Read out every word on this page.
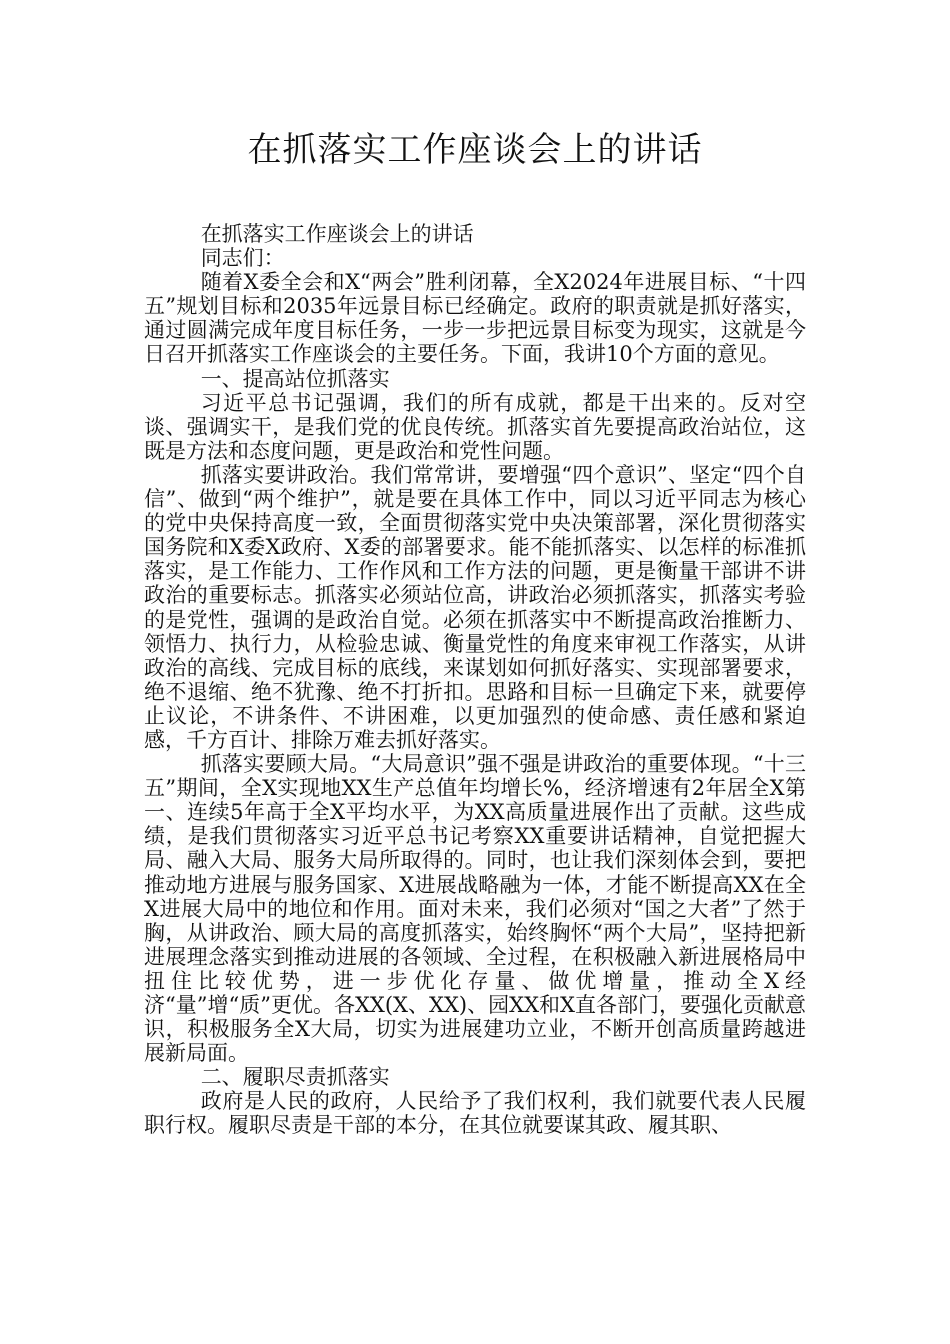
在抓落实工作座谈会上的讲话

在抓落实工作座谈会上的讲话

同志们：

随着X委全会和X“两会”胜利闭幕，全X2024年进展目标、“十四五”规划目标和2035年远景目标已经确定。政府的职责就是抓好落实，通过圆满完成年度目标任务，一步一步把远景目标变为现实，这就是今日召开抓落实工作座谈会的主要任务。下面，我讲10个方面的意见。

一、提高站位抓落实

习近平总书记强调，我们的所有成就，都是干出来的。反对空谈、强调实干，是我们党的优良传统。抓落实首先要提高政治站位，这既是方法和态度问题，更是政治和党性问题。

抓落实要讲政治。我们常常讲，要增强“四个意识”、坚定“四个自信”、做到“两个维护”，就是要在具体工作中，同以习近平同志为核心的党中央保持高度一致，全面贯彻落实党中央决策部署，深化贯彻落实国务院和X委X政府、X委的部署要求。能不能抓落实、以怎样的标准抓落实，是工作能力、工作作风和工作方法的问题，更是衡量干部讲不讲政治的重要标志。抓落实必须站位高，讲政治必须抓落实，抓落实考验的是党性，强调的是政治自觉。必须在抓落实中不断提高政治推断力、领悟力、执行力，从检验忠诚、衡量党性的角度来审视工作落实，从讲政治的高线、完成目标的底线，来谋划如何抓好落实、实现部署要求，绝不退缩、绝不犹豫、绝不打折扣。思路和目标一旦确定下来，就要停止议论，不讲条件、不讲困难，以更加强烈的使命感、责任感和紧迫感，千方百计、排除万难去抓好落实。

抓落实要顾大局。“大局意识”强不强是讲政治的重要体现。“十三五”期间，全X实现地XX生产总值年均增长%，经济增速有2年居全X第一、连续5年高于全X平均水平，为XX高质量进展作出了贡献。这些成绩，是我们贯彻落实习近平总书记考察XX重要讲话精神，自觉把握大局、融入大局、服务大局所取得的。同时，也让我们深刻体会到，要把推动地方进展与服务国家、X进展战略融为一体，才能不断提高XX在全X进展大局中的地位和作用。面对未来，我们必须对“国之大者”了然于胸，从讲政治、顾大局的高度抓落实，始终胸怀“两个大局”，坚持把新进展理念落实到推动进展的各领域、全过程，在积极融入新进展格局中扭住比较优势，进一步优化存量、做优增量，推动全X经济“量”增“质”更优。各XX(X、XX)、园XX和X直各部门，要强化贡献意识，积极服务全X大局，切实为进展建功立业，不断开创高质量跨越进展新局面。

二、履职尽责抓落实

政府是人民的政府，人民给予了我们权利，我们就要代表人民履职行权。履职尽责是干部的本分，在其位就要谋其政、履其职、
